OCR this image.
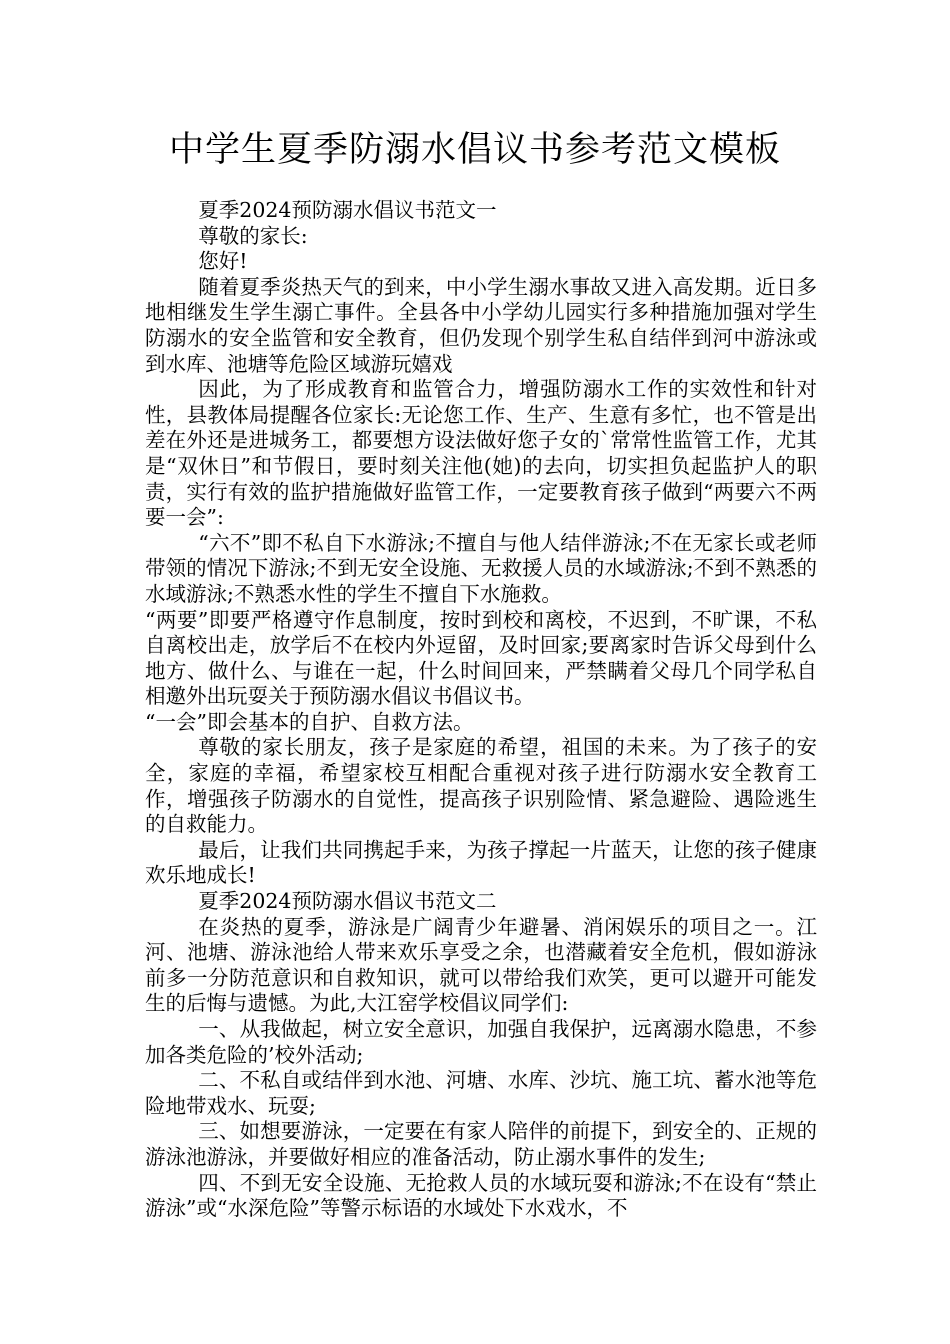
中学生夏季防溺水倡议书参考范文模板

夏季2024预防溺水倡议书范文一

尊敬的家长:

您好!

随着夏季炎热天气的到来，中小学生溺水事故又进入高发期。近日多地相继发生学生溺亡事件。全县各中小学幼儿园实行多种措施加强对学生防溺水的安全监管和安全教育，但仍发现个别学生私自结伴到河中游泳或到水库、池塘等危险区域游玩嬉戏

因此，为了形成教育和监管合力，增强防溺水工作的实效性和针对性，县教体局提醒各位家长:无论您工作、生产、生意有多忙，也不管是出差在外还是进城务工，都要想方设法做好您子女的`常常性监管工作，尤其是“双休日”和节假日，要时刻关注他(她)的去向，切实担负起监护人的职责，实行有效的监护措施做好监管工作，一定要教育孩子做到“两要六不两要一会”:

“六不”即不私自下水游泳;不擅自与他人结伴游泳;不在无家长或老师带领的情况下游泳;不到无安全设施、无救援人员的水域游泳;不到不熟悉的水域游泳;不熟悉水性的学生不擅自下水施救。

“两要”即要严格遵守作息制度，按时到校和离校，不迟到，不旷课，不私自离校出走，放学后不在校内外逗留，及时回家;要离家时告诉父母到什么地方、做什么、与谁在一起，什么时间回来，严禁瞒着父母几个同学私自相邀外出玩耍关于预防溺水倡议书倡议书。

“一会”即会基本的自护、自救方法。

尊敬的家长朋友，孩子是家庭的希望，祖国的未来。为了孩子的安全，家庭的幸福，希望家校互相配合重视对孩子进行防溺水安全教育工作，增强孩子防溺水的自觉性，提高孩子识别险情、紧急避险、遇险逃生的自救能力。

最后，让我们共同携起手来，为孩子撑起一片蓝天，让您的孩子健康欢乐地成长!

夏季2024预防溺水倡议书范文二

在炎热的夏季，游泳是广阔青少年避暑、消闲娱乐的项目之一。江河、池塘、游泳池给人带来欢乐享受之余，也潜藏着安全危机，假如游泳前多一分防范意识和自救知识，就可以带给我们欢笑，更可以避开可能发生的后悔与遗憾。为此,大江窑学校倡议同学们:

一、从我做起，树立安全意识，加强自我保护，远离溺水隐患，不参加各类危险的’校外活动;

二、不私自或结伴到水池、河塘、水库、沙坑、施工坑、蓄水池等危险地带戏水、玩耍;

三、如想要游泳，一定要在有家人陪伴的前提下，到安全的、正规的游泳池游泳，并要做好相应的准备活动，防止溺水事件的发生;

四、不到无安全设施、无抢救人员的水域玩耍和游泳;不在设有“禁止游泳”或“水深危险”等警示标语的水域处下水戏水，不
